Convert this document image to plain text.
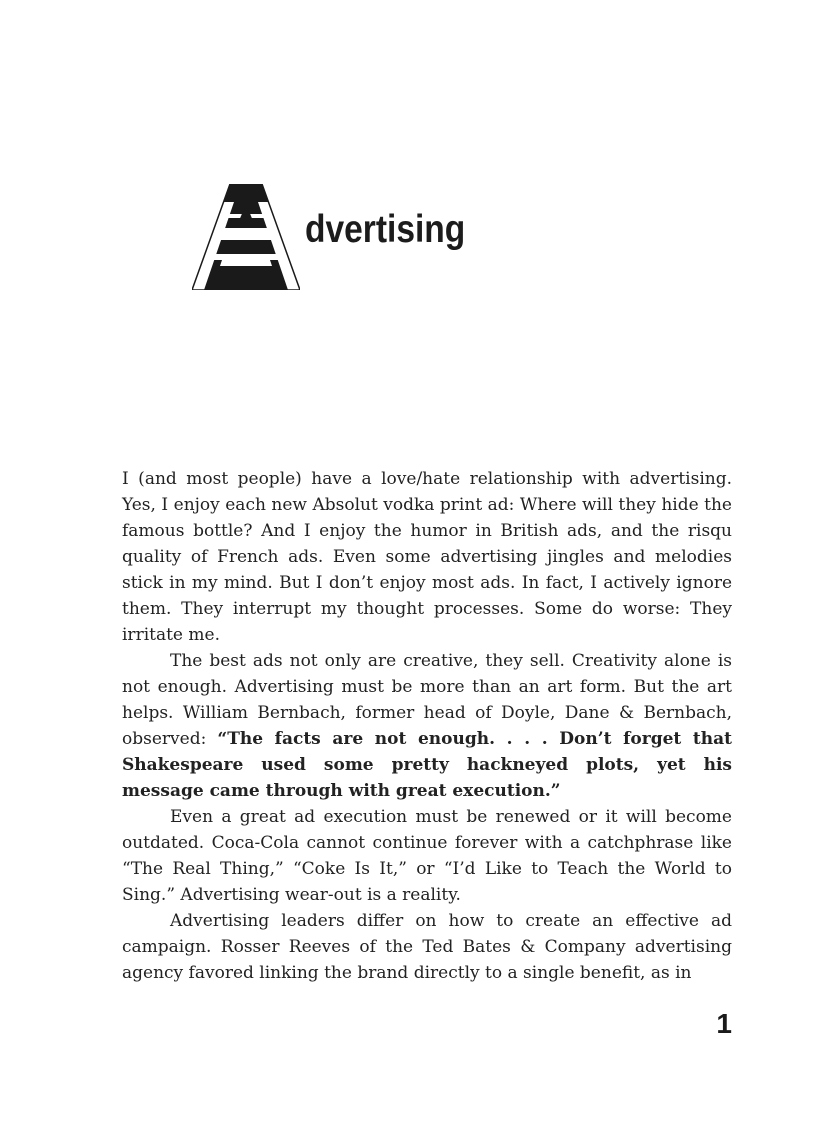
dvertising

I (and most people) have a love/hate relationship with advertising. Yes, I enjoy each new Absolut vodka print ad: Where will they hide the famous bottle? And I enjoy the humor in British ads, and the risqu quality of French ads. Even some advertising jingles and melodies stick in my mind. But I don’t enjoy most ads. In fact, I actively ignore them. They interrupt my thought processes. Some do worse: They irritate me.

The best ads not only are creative, they sell. Creativity alone is not enough. Advertising must be more than an art form. But the art helps. William Bernbach, former head of Doyle, Dane & Bernbach, observed: “The facts are not enough. . . . Don’t forget that Shakespeare used some pretty hackneyed plots, yet his message came through with great execution.”

Even a great ad execution must be renewed or it will become outdated. Coca-Cola cannot continue forever with a catchphrase like “The Real Thing,” “Coke Is It,” or “I’d Like to Teach the World to Sing.” Advertising wear-out is a reality.

Advertising leaders differ on how to create an effective ad campaign. Rosser Reeves of the Ted Bates & Company advertising agency favored linking the brand directly to a single benefit, as in

1
